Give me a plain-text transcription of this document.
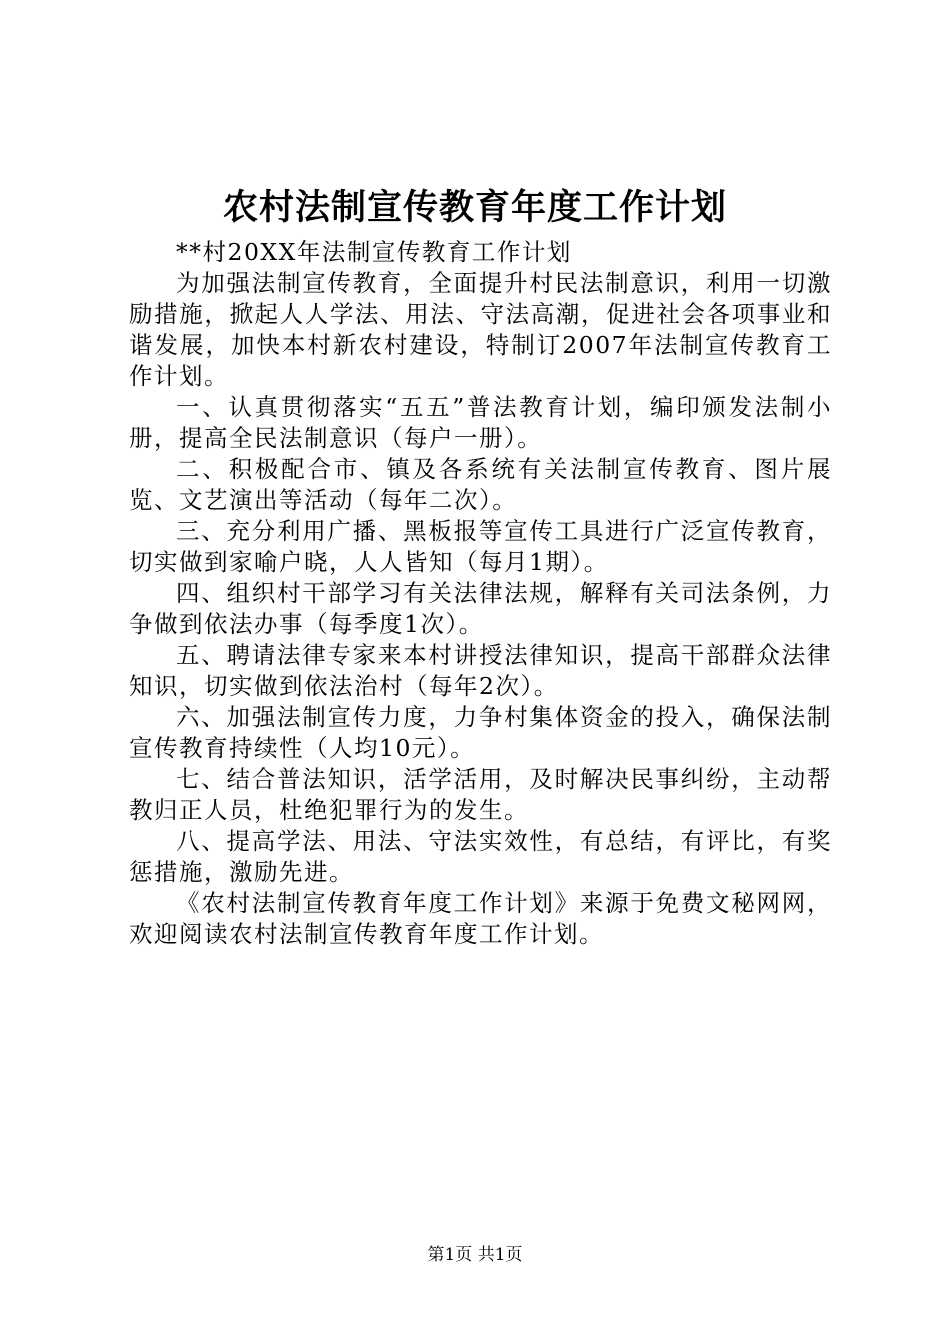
农村法制宣传教育年度工作计划

**村20XX年法制宣传教育工作计划

为加强法制宣传教育，全面提升村民法制意识，利用一切激励措施，掀起人人学法、用法、守法高潮，促进社会各项事业和谐发展，加快本村新农村建设，特制订2007年法制宣传教育工作计划。

一、认真贯彻落实“五五”普法教育计划，编印颁发法制小册，提高全民法制意识（每户一册）。

二、积极配合市、镇及各系统有关法制宣传教育、图片展览、文艺演出等活动（每年二次）。

三、充分利用广播、黑板报等宣传工具进行广泛宣传教育，切实做到家喻户晓，人人皆知（每月1期）。

四、组织村干部学习有关法律法规，解释有关司法条例，力争做到依法办事（每季度1次）。

五、聘请法律专家来本村讲授法律知识，提高干部群众法律知识，切实做到依法治村（每年2次）。

六、加强法制宣传力度，力争村集体资金的投入，确保法制宣传教育持续性（人均10元）。

七、结合普法知识，活学活用，及时解决民事纠纷，主动帮教归正人员，杜绝犯罪行为的发生。

八、提高学法、用法、守法实效性，有总结，有评比，有奖惩措施，激励先进。

《农村法制宣传教育年度工作计划》来源于免费文秘网网，欢迎阅读农村法制宣传教育年度工作计划。

第1页 共1页
